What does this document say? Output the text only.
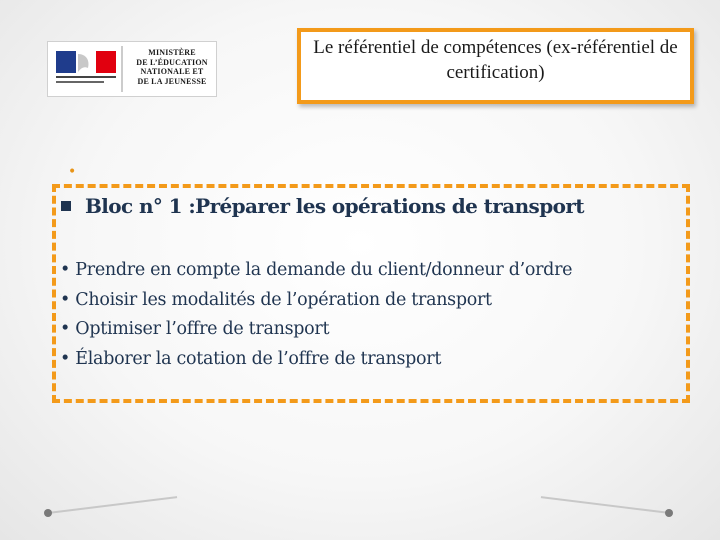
MINISTÈRE
DE L’ÉDUCATION
NATIONALE ET
DE LA JEUNESSE
Le référentiel de compétences (ex-référentiel de certification)
•
Bloc n° 1 :Préparer les opérations de transport
• Prendre en compte la demande du client/donneur d’ordre
• Choisir les modalités de l’opération de transport
• Optimiser l’offre de transport
• Élaborer la cotation de l’offre de transport
